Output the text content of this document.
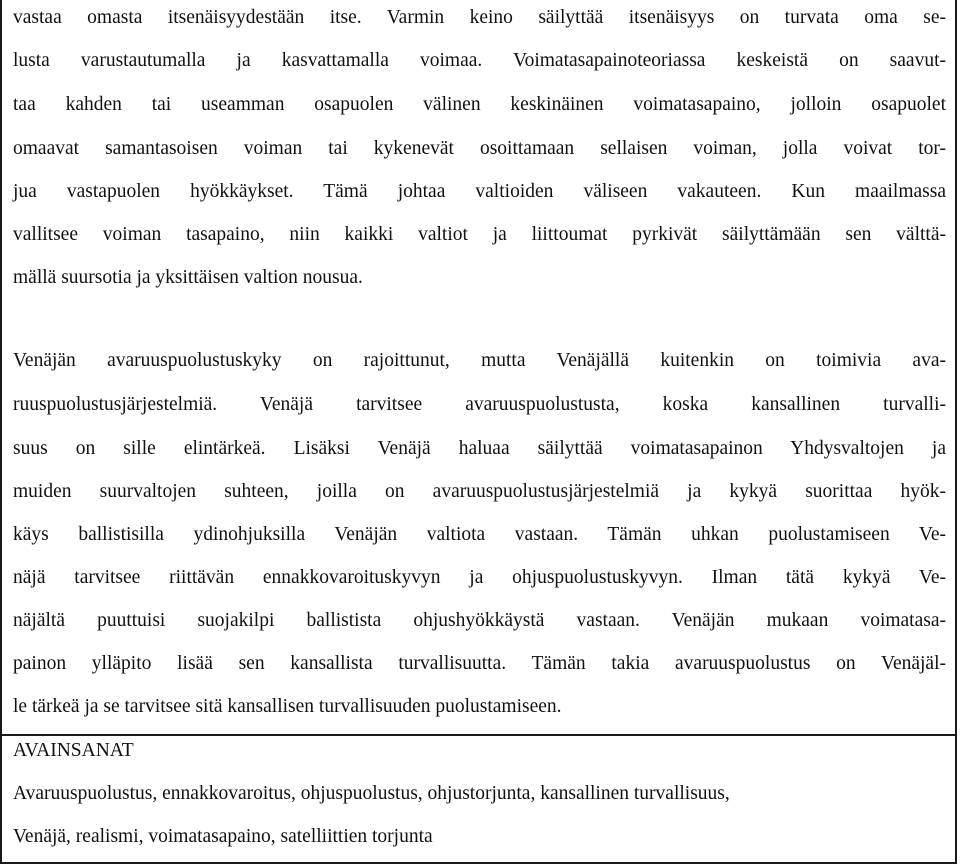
vastaa omasta itsenäisyydestään itse. Varmin keino säilyttää itsenäisyys on turvata oma se-
lusta varustautumalla ja kasvattamalla voimaa. Voimatasapainoteoriassa keskeistä on saavut-
taa kahden tai useamman osapuolen välinen keskinäinen voimatasapaino, jolloin osapuolet
omaavat samantasoisen voiman tai kykenevät osoittamaan sellaisen voiman, jolla voivat tor-
jua vastapuolen hyökkäykset. Tämä johtaa valtioiden väliseen vakauteen. Kun maailmassa
vallitsee voiman tasapaino, niin kaikki valtiot ja liittoumat pyrkivät säilyttämään sen välttä-
mällä suursotia ja yksittäisen valtion nousua.
Venäjän avaruuspuolustuskyky on rajoittunut, mutta Venäjällä kuitenkin on toimivia ava-
ruuspuolustusjärjestelmiä. Venäjä tarvitsee avaruuspuolustusta, koska kansallinen turvalli-
suus on sille elintärkeä. Lisäksi Venäjä haluaa säilyttää voimatasapainon Yhdysvaltojen ja
muiden suurvaltojen suhteen, joilla on avaruuspuolustusjärjestelmiä ja kykyä suorittaa hyök-
käys ballistisilla ydinohjuksilla Venäjän valtiota vastaan. Tämän uhkan puolustamiseen Ve-
näjä tarvitsee riittävän ennakkovaroituskyvyn ja ohjuspuolustuskyvyn. Ilman tätä kykyä Ve-
näjältä puuttuisi suojakilpi ballistista ohjushyökkäystä vastaan. Venäjän mukaan voimatasa-
painon ylläpito lisää sen kansallista turvallisuutta. Tämän takia avaruuspuolustus on Venäjäl-
le tärkeä ja se tarvitsee sitä kansallisen turvallisuuden puolustamiseen.
AVAINSANAT
Avaruuspuolustus, ennakkovaroitus, ohjuspuolustus, ohjustorjunta, kansallinen turvallisuus,
Venäjä, realismi, voimatasapaino, satelliittien torjunta
